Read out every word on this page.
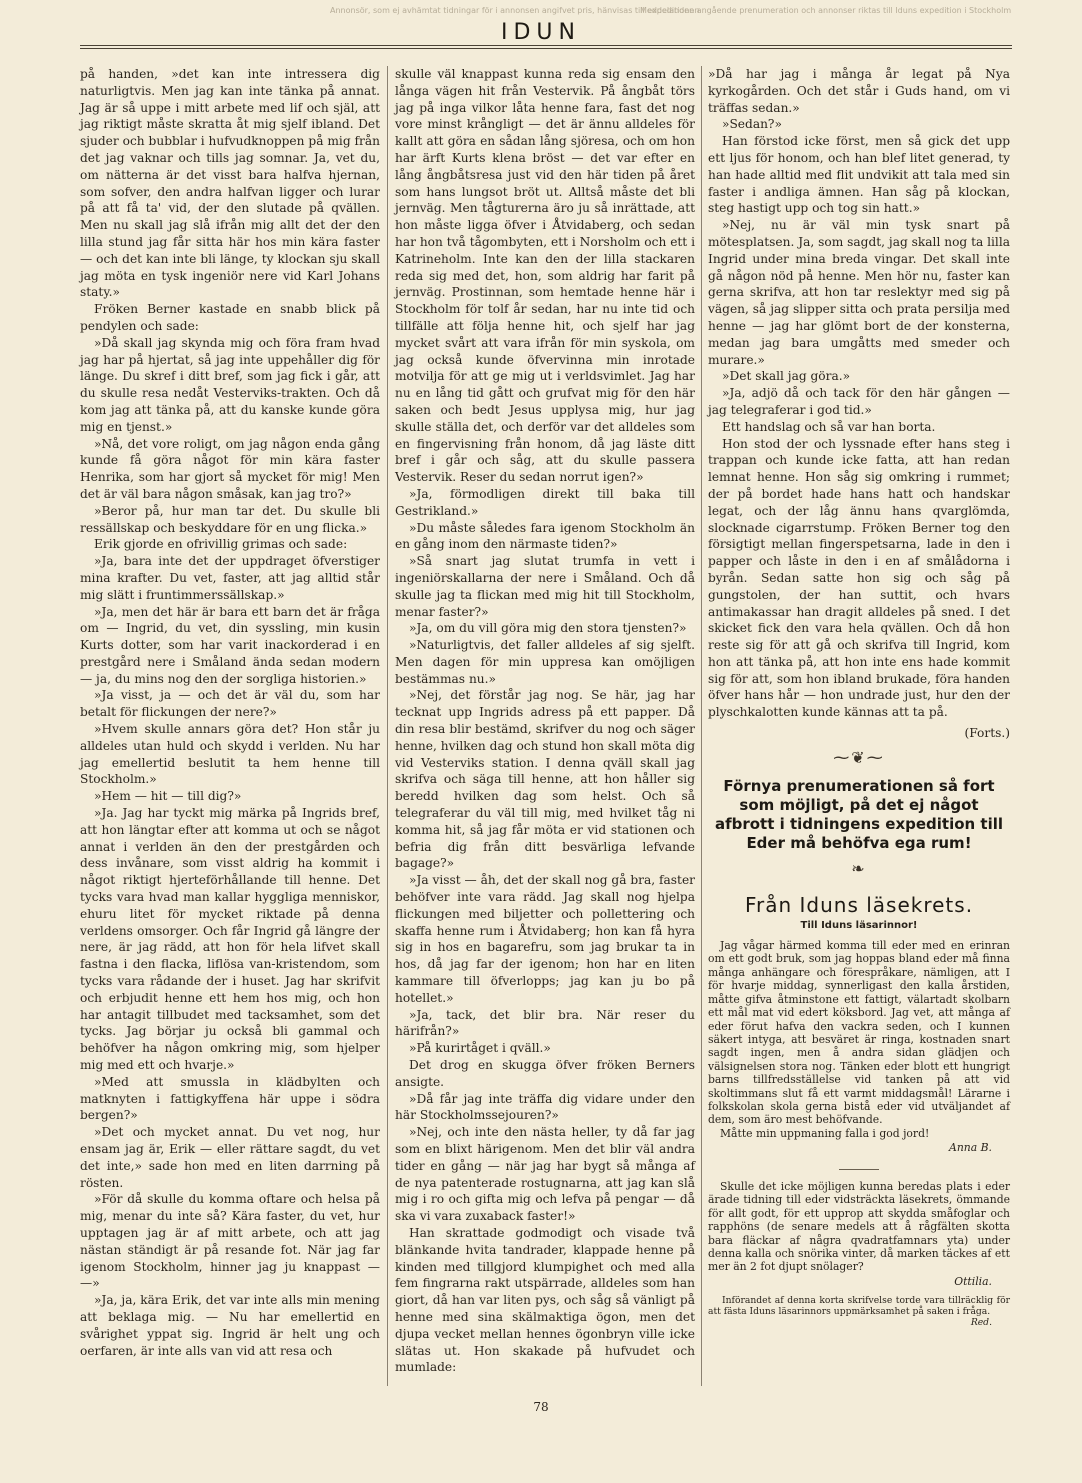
Annonsör, som ej avhämtat tidningar för i annonsen angifvet pris, hänvisas till expeditionen
Meddelanden angående prenumeration och annonser riktas till Iduns expedition i Stockholm
IDUN

på handen, »det kan inte intressera dig naturligtvis. Men jag kan inte tänka på annat. Jag är så uppe i mitt arbete med lif och själ, att jag riktigt måste skratta åt mig sjelf ibland. Det sjuder och bubblar i hufvudknoppen på mig från det jag vaknar och tills jag somnar. Ja, vet du, om nätterna är det visst bara halfva hjernan, som sofver, den andra halfvan ligger och lurar på att få ta' vid, der den slutade på qvällen. Men nu skall jag slå ifrån mig allt det der den lilla stund jag får sitta här hos min kära faster — och det kan inte bli länge, ty klockan sju skall jag möta en tysk ingeniör nere vid Karl Johans staty.»

Fröken Berner kastade en snabb blick på pendylen och sade:

»Då skall jag skynda mig och föra fram hvad jag har på hjertat, så jag inte uppehåller dig för länge. Du skref i ditt bref, som jag fick i går, att du skulle resa nedåt Vesterviks-trakten. Och då kom jag att tänka på, att du kanske kunde göra mig en tjenst.»

»Nå, det vore roligt, om jag någon enda gång kunde få göra något för min kära faster Henrika, som har gjort så mycket för mig! Men det är väl bara någon småsak, kan jag tro?»

»Beror på, hur man tar det. Du skulle bli ressällskap och beskyddare för en ung flicka.»

Erik gjorde en ofrivillig grimas och sade:

»Ja, bara inte det der uppdraget öfverstiger mina krafter. Du vet, faster, att jag alltid står mig slätt i fruntimmerssällskap.»

»Ja, men det här är bara ett barn det är fråga om — Ingrid, du vet, din syssling, min kusin Kurts dotter, som har varit inackorderad i en prestgård nere i Småland ända sedan modern — ja, du mins nog den der sorgliga historien.»

»Ja visst, ja — och det är väl du, som har betalt för flickungen der nere?»

»Hvem skulle annars göra det? Hon står ju alldeles utan huld och skydd i verlden. Nu har jag emellertid beslutit ta hem henne till Stockholm.»

»Hem — hit — till dig?»

»Ja. Jag har tyckt mig märka på Ingrids bref, att hon längtar efter att komma ut och se något annat i verlden än den der prestgården och dess invånare, som visst aldrig ha kommit i något riktigt hjerteförhållande till henne. Det tycks vara hvad man kallar hyggliga menniskor, ehuru litet för mycket riktade på denna verldens omsorger. Och får Ingrid gå längre der nere, är jag rädd, att hon för hela lifvet skall fastna i den flacka, liflösa van-kristendom, som tycks vara rådande der i huset. Jag har skrifvit och erbjudit henne ett hem hos mig, och hon har antagit tillbudet med tacksamhet, som det tycks. Jag börjar ju också bli gammal och behöfver ha någon omkring mig, som hjelper mig med ett och hvarje.»

»Med att smussla in klädbylten och matknyten i fattigkyffena här uppe i södra bergen?»

»Det och mycket annat. Du vet nog, hur ensam jag är, Erik — eller rättare sagdt, du vet det inte,» sade hon med en liten darrning på rösten.

»För då skulle du komma oftare och helsa på mig, menar du inte så? Kära faster, du vet, hur upptagen jag är af mitt arbete, och att jag nästan ständigt är på resande fot. När jag far igenom Stockholm, hinner jag ju knappast — —»

»Ja, ja, kära Erik, det var inte alls min mening att beklaga mig. — Nu har emellertid en svårighet yppat sig. Ingrid är helt ung och oerfaren, är inte alls van vid att resa och

skulle väl knappast kunna reda sig ensam den långa vägen hit från Vestervik. På ångbåt törs jag på inga vilkor låta henne fara, fast det nog vore minst krångligt — det är ännu alldeles för kallt att göra en sådan lång sjöresa, och om hon har ärft Kurts klena bröst — det var efter en lång ångbåtsresa just vid den här tiden på året som hans lungsot bröt ut. Alltså måste det bli jernväg. Men tågturerna äro ju så inrättade, att hon måste ligga öfver i Åtvidaberg, och sedan har hon två tågombyten, ett i Norsholm och ett i Katrineholm. Inte kan den der lilla stackaren reda sig med det, hon, som aldrig har farit på jernväg. Prostinnan, som hemtade henne här i Stockholm för tolf år sedan, har nu inte tid och tillfälle att följa henne hit, och sjelf har jag mycket svårt att vara ifrån för min syskola, om jag också kunde öfvervinna min inrotade motvilja för att ge mig ut i verldsvimlet. Jag har nu en lång tid gått och grufvat mig för den här saken och bedt Jesus upplysa mig, hur jag skulle ställa det, och derför var det alldeles som en fingervisning från honom, då jag läste ditt bref i går och såg, att du skulle passera Vestervik. Reser du sedan norrut igen?»

»Ja, förmodligen direkt till baka till Gestrikland.»

»Du måste således fara igenom Stockholm än en gång inom den närmaste tiden?»

»Så snart jag slutat trumfa in vett i ingeniörskallarna der nere i Småland. Och då skulle jag ta flickan med mig hit till Stockholm, menar faster?»

»Ja, om du vill göra mig den stora tjensten?»

»Naturligtvis, det faller alldeles af sig sjelft. Men dagen för min uppresa kan omöjligen bestämmas nu.»

»Nej, det förstår jag nog. Se här, jag har tecknat upp Ingrids adress på ett papper. Då din resa blir bestämd, skrifver du nog och säger henne, hvilken dag och stund hon skall möta dig vid Vesterviks station. I denna qväll skall jag skrifva och säga till henne, att hon håller sig beredd hvilken dag som helst. Och så telegraferar du väl till mig, med hvilket tåg ni komma hit, så jag får möta er vid stationen och befria dig från ditt besvärliga lefvande bagage?»

»Ja visst — åh, det der skall nog gå bra, faster behöfver inte vara rädd. Jag skall nog hjelpa flickungen med biljetter och pollettering och skaffa henne rum i Åtvidaberg; hon kan få hyra sig in hos en bagarefru, som jag brukar ta in hos, då jag far der igenom; hon har en liten kammare till öfverlopps; jag kan ju bo på hotellet.»

»Ja, tack, det blir bra. När reser du härifrån?»

»På kurirtåget i qväll.»

Det drog en skugga öfver fröken Berners ansigte.

»Då får jag inte träffa dig vidare under den här Stockholmssejouren?»

»Nej, och inte den nästa heller, ty då far jag som en blixt härigenom. Men det blir väl andra tider en gång — när jag har bygt så många af de nya patenterade rostugnarna, att jag kan slå mig i ro och gifta mig och lefva på pengar — då ska vi vara zuxaback faster!»

Han skrattade godmodigt och visade två blänkande hvita tandrader, klappade henne på kinden med tillgjord klumpighet och med alla fem fingrarna rakt utspärrade, alldeles som han giort, då han var liten pys, och såg så vänligt på henne med sina skälmaktiga ögon, men det djupa vecket mellan hennes ögonbryn ville icke slätas ut. Hon skakade på hufvudet och mumlade:

»Då har jag i många år legat på Nya kyrkogården. Och det står i Guds hand, om vi träffas sedan.»

»Sedan?»

Han förstod icke först, men så gick det upp ett ljus för honom, och han blef litet generad, ty han hade alltid med flit undvikit att tala med sin faster i andliga ämnen. Han såg på klockan, steg hastigt upp och tog sin hatt.»

»Nej, nu är väl min tysk snart på mötesplatsen. Ja, som sagdt, jag skall nog ta lilla Ingrid under mina breda vingar. Det skall inte gå någon nöd på henne. Men hör nu, faster kan gerna skrifva, att hon tar reslektyr med sig på vägen, så jag slipper sitta och prata persilja med henne — jag har glömt bort de der konsterna, medan jag bara umgåtts med smeder och murare.»

»Det skall jag göra.»

»Ja, adjö då och tack för den här gången — jag telegraferar i god tid.»

Ett handslag och så var han borta.

Hon stod der och lyssnade efter hans steg i trappan och kunde icke fatta, att han redan lemnat henne. Hon såg sig omkring i rummet; der på bordet hade hans hatt och handskar legat, och der låg ännu hans qvarglömda, slocknade cigarrstump. Fröken Berner tog den försigtigt mellan fingerspetsarna, lade in den i papper och låste in den i en af smålådorna i byrån. Sedan satte hon sig och såg på gungstolen, der han suttit, och hvars antimakassar han dragit alldeles på sned. I det skicket fick den vara hela qvällen. Och då hon reste sig för att gå och skrifva till Ingrid, kom hon att tänka på, att hon inte ens hade kommit sig för att, som hon ibland brukade, föra handen öfver hans hår — hon undrade just, hur den der plyschkalotten kunde kännas att ta på.

(Forts.)
⁓❦⁓
Förnya prenumerationen så fort som möjligt, på det ej något afbrott i tidningens expedition till Eder må behöfva ega rum!
❧
Från Iduns läsekrets.
Till Iduns läsarinnor!

Jag vågar härmed komma till eder med en erinran om ett godt bruk, som jag hoppas bland eder må finna många anhängare och förespråkare, nämligen, att I för hvarje middag, synnerligast den kalla årstiden, måtte gifva åtminstone ett fattigt, välartadt skolbarn ett mål mat vid edert köksbord. Jag vet, att många af eder förut hafva den vackra seden, och I kunnen säkert intyga, att besväret är ringa, kostnaden snart sagdt ingen, men å andra sidan glädjen och välsignelsen stora nog. Tänken eder blott ett hungrigt barns tillfredsställelse vid tanken på att vid skoltimmans slut få ett varmt middagsmål! Lärarne i folkskolan skola gerna bistå eder vid utväljandet af dem, som äro mest behöfvande.

Måtte min uppmaning falla i god jord!

Anna B.

Skulle det icke möjligen kunna beredas plats i eder ärade tidning till eder vidsträckta läsekrets, ömmande för allt godt, för ett upprop att skydda småfoglar och rapphöns (de senare medels att å rågfälten skotta bara fläckar af några qvadratfamnars yta) under denna kalla och snörika vinter, då marken täckes af ett mer än 2 fot djupt snölager?

Ottilia.

Införandet af denna korta skrifvelse torde vara tillräcklig för att fästa Iduns läsarinnors uppmärksamhet på saken i fråga.
Red.

78
